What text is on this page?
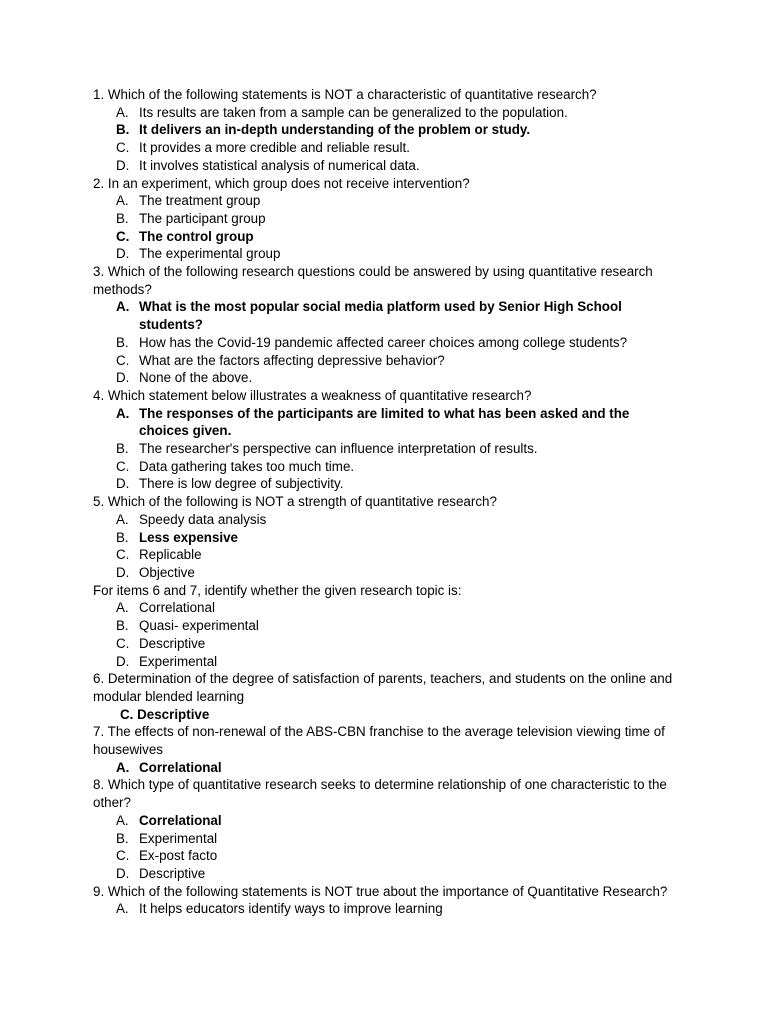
1. Which of the following statements is NOT a characteristic of quantitative research?

A. Its results are taken from a sample can be generalized to the population.
B. It delivers an in-depth understanding of the problem or study.
C. It provides a more credible and reliable result.
D. It involves statistical analysis of numerical data.

2. In an experiment, which group does not receive intervention?

A. The treatment group
B. The participant group
C. The control group
D. The experimental group

3. Which of the following research questions could be answered by using quantitative research methods?

A. What is the most popular social media platform used by Senior High School students?
B. How has the Covid-19 pandemic affected career choices among college students?
C. What are the factors affecting depressive behavior?
D. None of the above.

4. Which statement below illustrates a weakness of quantitative research?

A. The responses of the participants are limited to what has been asked and the choices given.
B. The researcher's perspective can influence interpretation of results.
C. Data gathering takes too much time.
D. There is low degree of subjectivity.

5. Which of the following is NOT a strength of quantitative research?

A. Speedy data analysis
B. Less expensive
C. Replicable
D. Objective

For items 6 and 7, identify whether the given research topic is:

A. Correlational
B. Quasi- experimental
C. Descriptive
D. Experimental

6. Determination of the degree of satisfaction of parents, teachers, and students on the online and modular blended learning

C. Descriptive

7. The effects of non-renewal of the ABS-CBN franchise to the average television viewing time of housewives

A. Correlational

8. Which type of quantitative research seeks to determine relationship of one characteristic to the other?

A. Correlational
B. Experimental
C. Ex-post facto
D. Descriptive

9. Which of the following statements is NOT true about the importance of Quantitative Research?

A. It helps educators identify ways to improve learning
